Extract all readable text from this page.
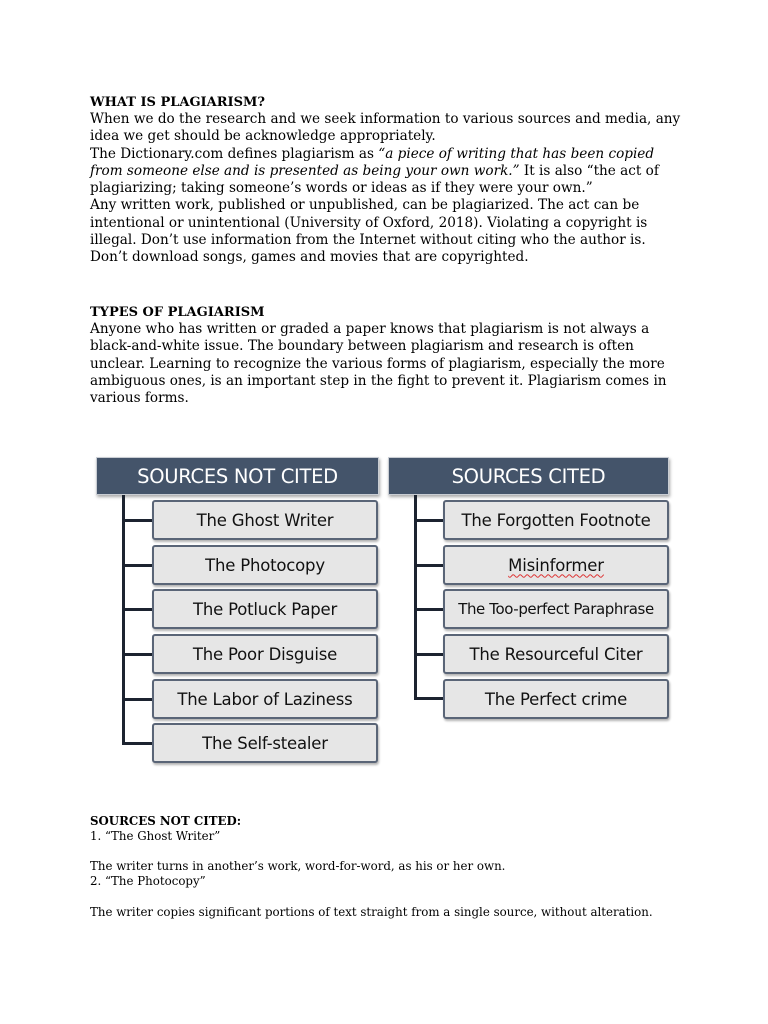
WHAT IS PLAGIARISM?

When we do the research and we seek information to various sources and media, any idea we get should be acknowledge appropriately.

The Dictionary.com defines plagiarism as “a piece of writing that has been copied from someone else and is presented as being your own work.” It is also “the act of plagiarizing; taking someone’s words or ideas as if they were your own.”

Any written work, published or unpublished, can be plagiarized. The act can be intentional or unintentional (University of Oxford, 2018). Violating a copyright is illegal. Don’t use information from the Internet without citing who the author is. Don’t download songs, games and movies that are copyrighted.

TYPES OF PLAGIARISM

Anyone who has written or graded a paper knows that plagiarism is not always a black-and-white issue. The boundary between plagiarism and research is often unclear. Learning to recognize the various forms of plagiarism, especially the more ambiguous ones, is an important step in the fight to prevent it. Plagiarism comes in various forms.

SOURCES NOT CITED
The Ghost Writer
The Photocopy
The Potluck Paper
The Poor Disguise
The Labor of Laziness
The Self-stealer
SOURCES CITED
The Forgotten Footnote
Misinformer
The Too-perfect Paraphrase
The Resourceful Citer
The Perfect crime

SOURCES NOT CITED:

1. “The Ghost Writer”

The writer turns in another’s work, word-for-word, as his or her own.

2. “The Photocopy”

The writer copies significant portions of text straight from a single source, without alteration.
